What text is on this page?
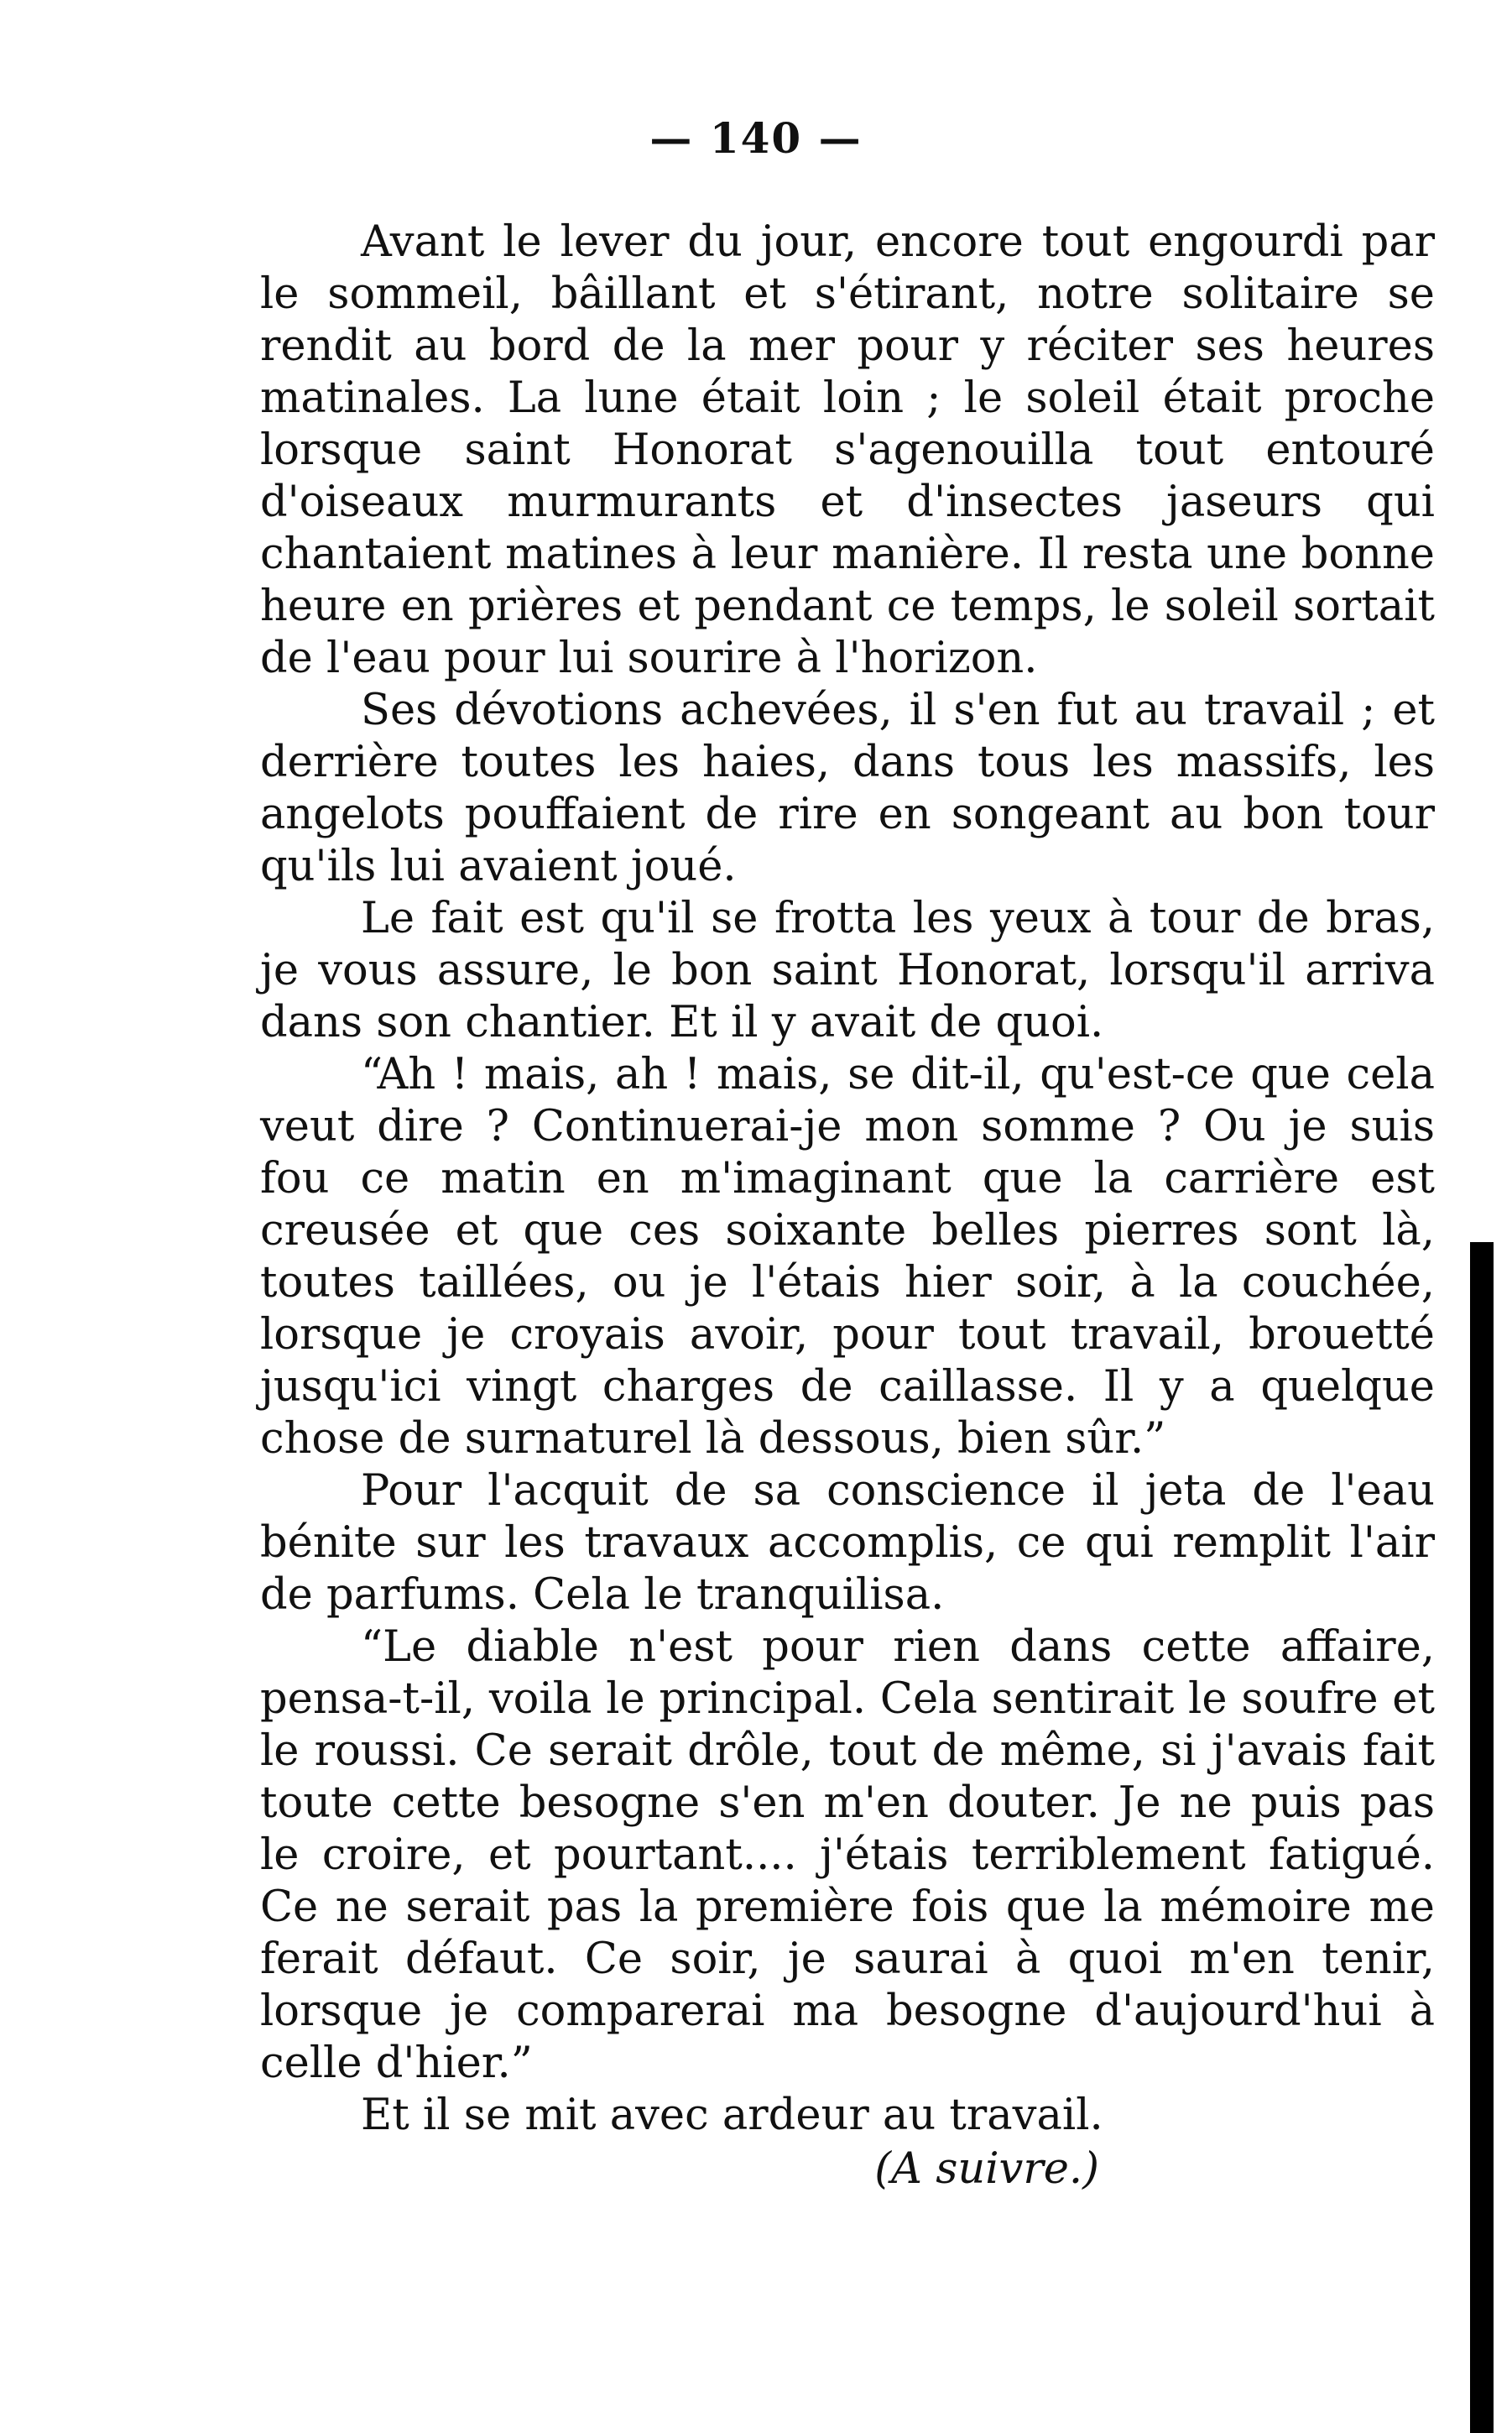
— 140 —

Avant le lever du jour, encore tout engourdi par le sommeil, bâillant et s'étirant, notre solitaire se rendit au bord de la mer pour y réciter ses heures matinales. La lune était loin ; le soleil était proche lorsque saint Honorat s'agenouilla tout entouré d'oiseaux murmurants et d'insectes jaseurs qui chantaient matines à leur manière. Il resta une bonne heure en prières et pendant ce temps, le soleil sortait de l'eau pour lui sourire à l'horizon.

Ses dévotions achevées, il s'en fut au travail ; et derrière toutes les haies, dans tous les massifs, les angelots pouffaient de rire en songeant au bon tour qu'ils lui avaient joué.

Le fait est qu'il se frotta les yeux à tour de bras, je vous assure, le bon saint Honorat, lorsqu'il arriva dans son chantier. Et il y avait de quoi.

“Ah ! mais, ah ! mais, se dit-il, qu'est-ce que cela veut dire ? Continuerai-je mon somme ? Ou je suis fou ce matin en m'imaginant que la carrière est creusée et que ces soixante belles pierres sont là, toutes taillées, ou je l'étais hier soir, à la couchée, lorsque je croyais avoir, pour tout travail, brouetté jusqu'ici vingt charges de caillasse. Il y a quelque chose de surnaturel là dessous, bien sûr.”

Pour l'acquit de sa conscience il jeta de l'eau bénite sur les travaux accomplis, ce qui remplit l'air de parfums. Cela le tranquilisa.

“Le diable n'est pour rien dans cette affaire, pensa-t-il, voila le principal. Cela sentirait le soufre et le roussi. Ce serait drôle, tout de même, si j'avais fait toute cette besogne s'en m'en douter. Je ne puis pas le croire, et pourtant.... j'étais terriblement fatigué. Ce ne serait pas la première fois que la mémoire me ferait défaut. Ce soir, je saurai à quoi m'en tenir, lorsque je comparerai ma besogne d'aujourd'hui à celle d'hier.”

Et il se mit avec ardeur au travail.

(A suivre.)
